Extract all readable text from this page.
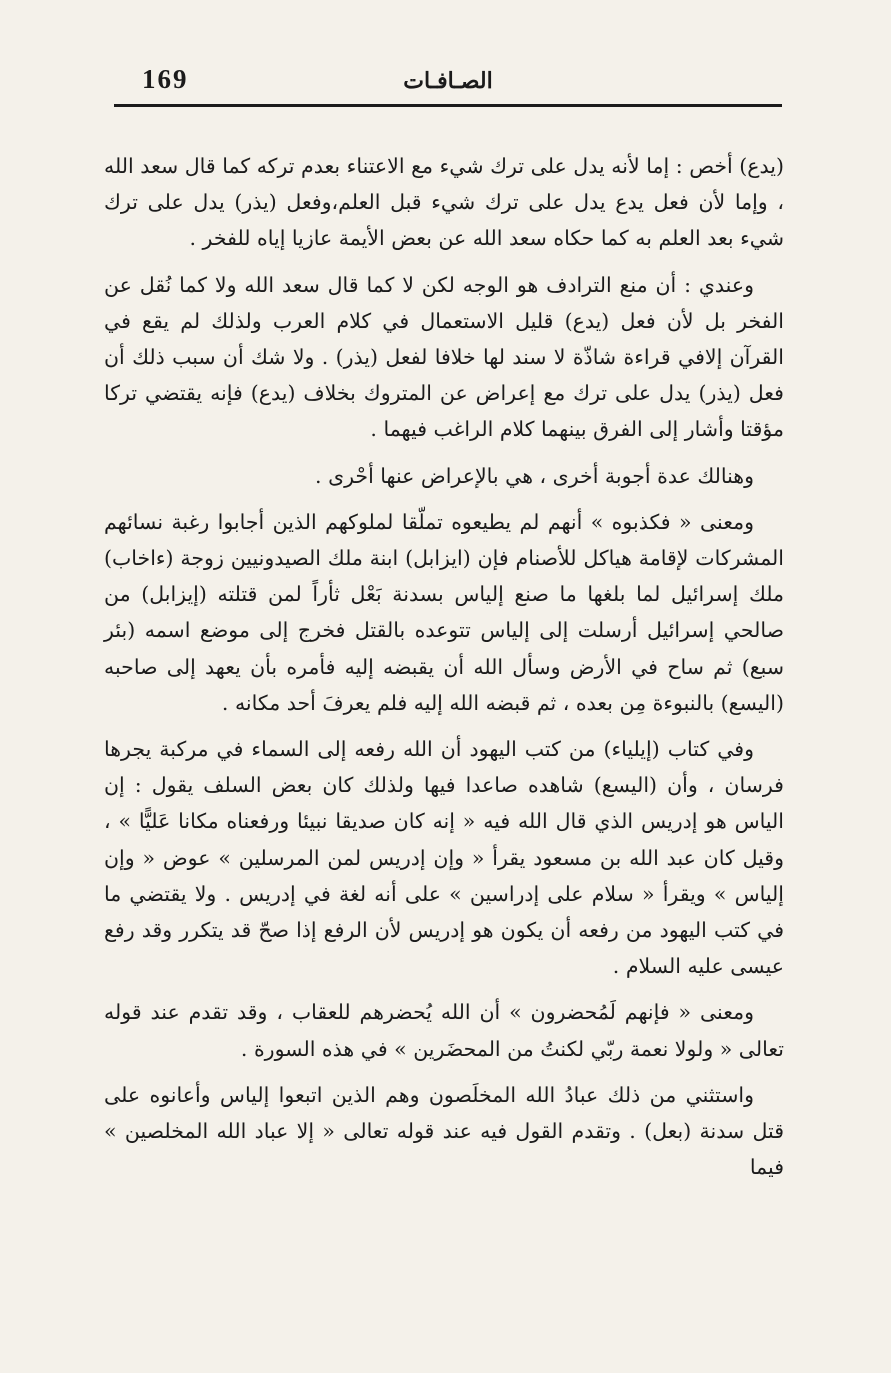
169	الصـافـات

(يدع) أخص : إما لأنه يدل على ترك شيء مع الاعتناء بعدم تركه كما قال سعد الله ، وإما لأن فعل يدع يدل على ترك شيء قبل العلم،وفعل (يذر) يدل على ترك شيء بعد العلم به كما حكاه سعد الله عن بعض الأيمة عازيا إياه للفخر .

وعندي : أن منع الترادف هو الوجه لكن لا كما قال سعد الله ولا كما نُقل عن الفخر بل لأن فعل (يدع) قليل الاستعمال في كلام العرب ولذلك لم يقع في القرآن إلافي قراءة شاذّة لا سند لها خلافا لفعل (يذر) . ولا شك أن سبب ذلك أن فعل (يذر) يدل على ترك مع إعراض عن المتروك بخلاف (يدع) فإنه يقتضي تركا مؤقتا وأشار إلى الفرق بينهما كلام الراغب فيهما .

وهنالك عدة أجوبة أخرى ، هي بالإعراض عنها أحْرى .

ومعنى « فكذبوه » أنهم لم يطيعوه تملّقا لملوكهم الذين أجابوا رغبة نسائهم المشركات لإقامة هياكل للأصنام فإن (ايزابل) ابنة ملك الصيدونيين زوجة (ءاخاب) ملك إسرائيل لما بلغها ما صنع إلياس بسدنة بَعْل ثأراً لمن قتلته (إيزابل) من صالحي إسرائيل أرسلت إلى إلياس تتوعده بالقتل فخرج إلى موضع اسمه (بئر سبع) ثم ساح في الأرض وسأل الله أن يقبضه إليه فأمره بأن يعهد إلى صاحبه (اليسع) بالنبوءة مِن بعده ، ثم قبضه الله إليه فلم يعرفَ أحد مكانه .

وفي كتاب (إيلياء) من كتب اليهود أن الله رفعه إلى السماء في مركبة يجرها فرسان ، وأن (اليسع) شاهده صاعدا فيها ولذلك كان بعض السلف يقول : إن الياس هو إدريس الذي قال الله فيه « إنه كان صديقا نبيئا ورفعناه مكانا عَليًّا » ، وقيل كان عبد الله بن مسعود يقرأ « وإن إدريس لمن المرسلين » عوض « وإن إلياس » ويقرأ « سلام على إدراسين » على أنه لغة في إدريس . ولا يقتضي ما في كتب اليهود من رفعه أن يكون هو إدريس لأن الرفع إذا صحّ قد يتكرر وقد رفع عيسى عليه السلام .

ومعنى « فإنهم لَمُحضرون » أن الله يُحضرهم للعقاب ، وقد تقدم عند قوله تعالى « ولولا نعمة ربّي لكنتُ من المحضَرين » في هذه السورة .

واستثني من ذلك عبادُ الله المخلَصون وهم الذين اتبعوا إلياس وأعانوه على قتل سدنة (بعل) . وتقدم القول فيه عند قوله تعالى « إلا عباد الله المخلصين » فيما
